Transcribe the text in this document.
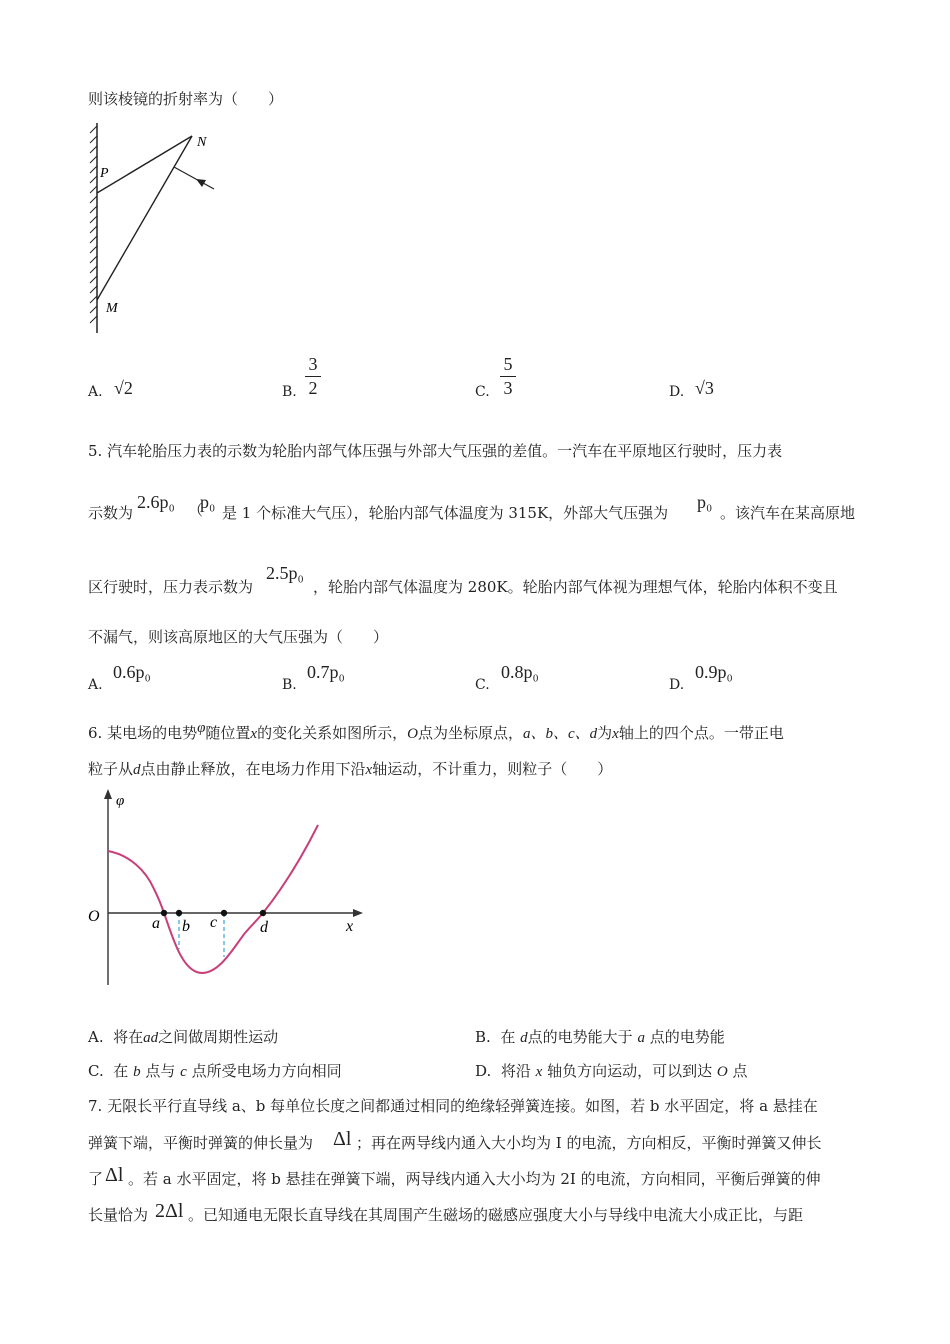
则该棱镜的折射率为（　　）
N
P
M
A. √2	B.
3
2	C.
5
3	D. √3
5. 汽车轮胎压力表的示数为轮胎内部气体压强与外部大气压强的差值。一汽车在平原地区行驶时，压力表
示数为
2.6p₀ （
p₀
是 1 个标准大气压），轮胎内部气体温度为 315K，外部大气压强为
p₀
。该汽车在某高原地
区行驶时，压力表示数为
2.5p₀
，轮胎内部气体温度为 280K。轮胎内部气体视为理想气体，轮胎内体积不变且
不漏气，则该高原地区的大气压强为（　　）
A.
0.6p₀
B.
0.7p₀
C.
0.8p₀
D.
0.9p₀
6. 某电场的电势φ随位置x的变化关系如图所示，O点为坐标原点，a、b、c、d为x轴上的四个点。一带正电
粒子从d点由静止释放，在电场力作用下沿x轴运动，不计重力，则粒子（　　）
φ
O	a b c	d	x
A. 将在ad之间做周期性运动	B. 在 d点的电势能大于 a 点的电势能
C. 在 b 点与 c 点所受电场力方向相同	D. 将沿 x 轴负方向运动，可以到达 O 点
7. 无限长平行直导线 a、b 每单位长度之间都通过相同的绝缘轻弹簧连接。如图，若 b 水平固定，将 a 悬挂在
弹簧下端，平衡时弹簧的伸长量为 Δl ；再在两导线内通入大小均为 I 的电流，方向相反，平衡时弹簧又伸长
了 Δl 。若 a 水平固定，将 b 悬挂在弹簧下端，两导线内通入大小均为 2I 的电流，方向相同，平衡后弹簧的伸
长量恰为 2Δl 。已知通电无限长直导线在其周围产生磁场的磁感应强度大小与导线中电流大小成正比，与距
